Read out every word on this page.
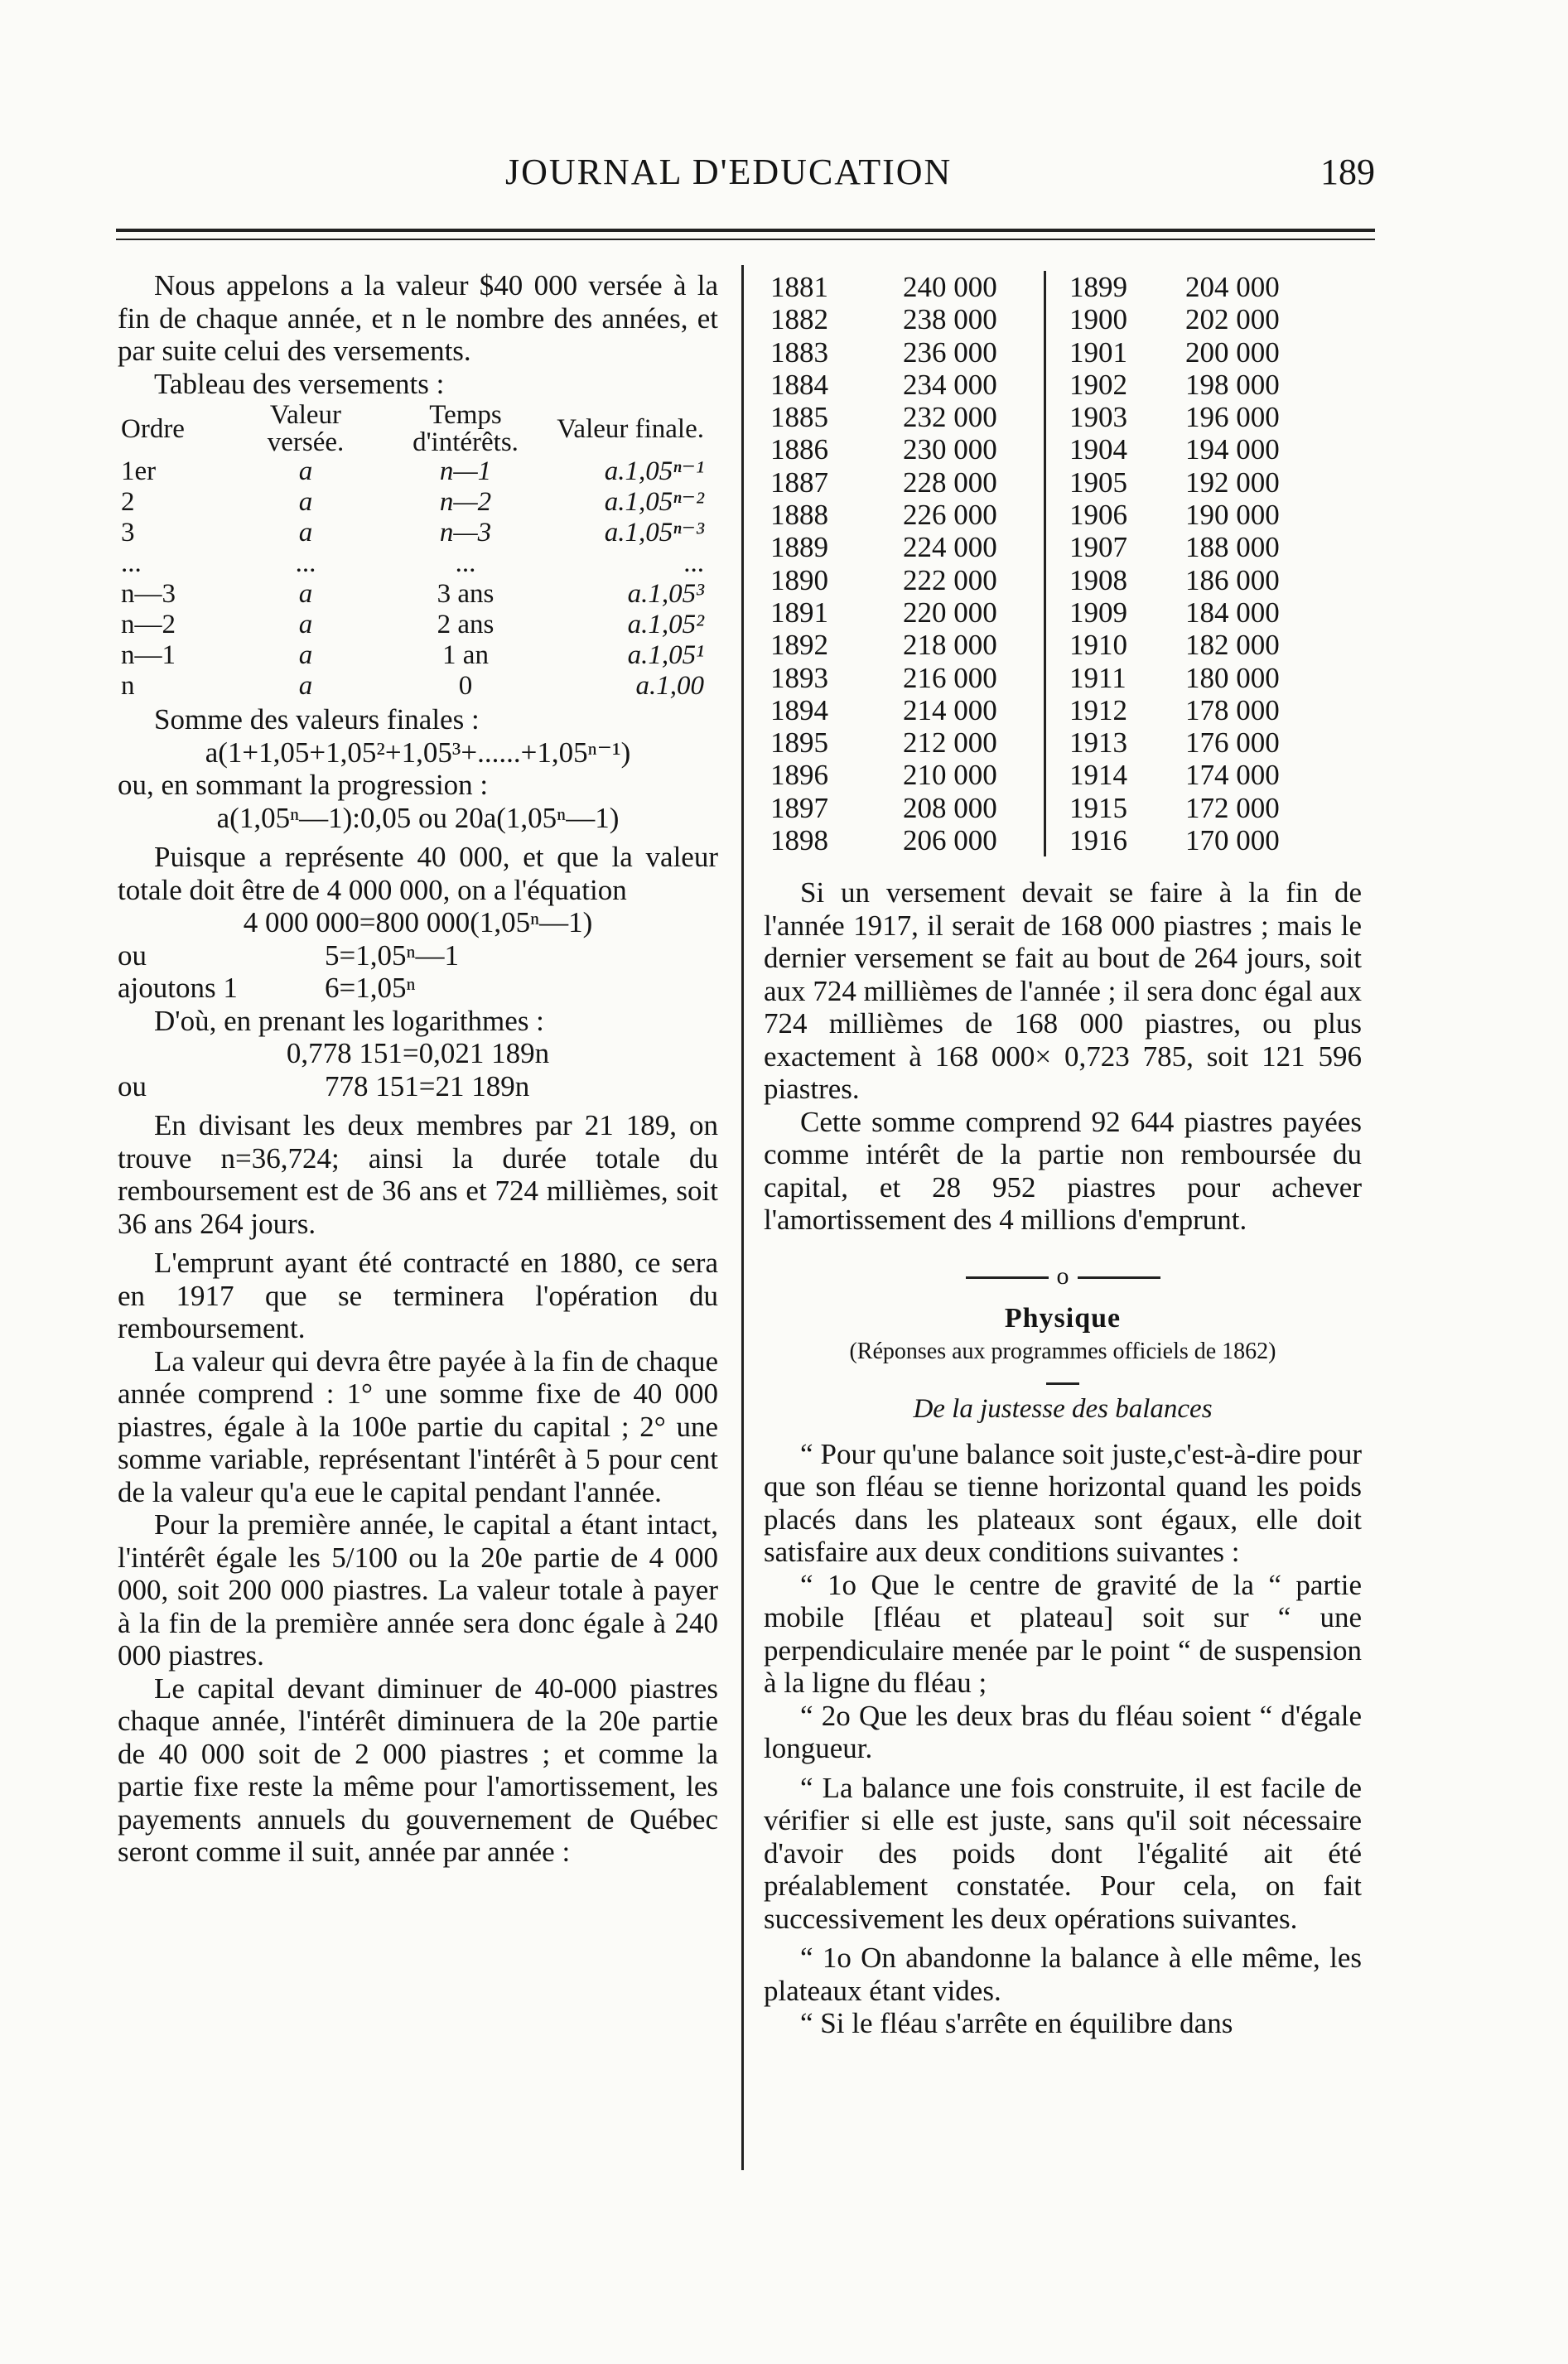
JOURNAL D'EDUCATION	189

Nous appelons a la valeur $40 000 versée à la fin de chaque année, et n le nombre des années, et par suite celui des versements.

Tableau des versements :

Ordre	Valeur versée.	Temps d'intérêts.	Valeur finale.
1er	a	n—1	a.1,05ⁿ⁻¹
2	a	n—2	a.1,05ⁿ⁻²
3	a	n—3	a.1,05ⁿ⁻³
...	...	...	...
n—3	a	3 ans	a.1,05³
n—2	a	2 ans	a.1,05²
n—1	a	1 an	a.1,05¹
n	a	0	a.1,00

Somme des valeurs finales :

a(1+1,05+1,05²+1,05³+......+1,05ⁿ⁻¹)

ou, en sommant la progression :

a(1,05ⁿ—1):0,05 ou 20a(1,05ⁿ—1)

Puisque a représente 40 000, et que la valeur totale doit être de 4 000 000, on a l'équation

4 000 000=800 000(1,05ⁿ—1)

ou	5=1,05ⁿ—1
ajoutons 1	6=1,05ⁿ

D'où, en prenant les logarithmes :

0,778 151=0,021 189n

ou	778 151=21 189n

En divisant les deux membres par 21 189, on trouve n=36,724; ainsi la durée totale du remboursement est de 36 ans et 724 millièmes, soit 36 ans 264 jours.

L'emprunt ayant été contracté en 1880, ce sera en 1917 que se terminera l'opération du remboursement.

La valeur qui devra être payée à la fin de chaque année comprend : 1° une somme fixe de 40 000 piastres, égale à la 100e partie du capital ; 2° une somme variable, représentant l'intérêt à 5 pour cent de la valeur qu'a eue le capital pendant l'année.

Pour la première année, le capital a étant intact, l'intérêt égale les 5/100 ou la 20e partie de 4 000 000, soit 200 000 piastres. La valeur totale à payer à la fin de la première année sera donc égale à 240 000 piastres.

Le capital devant diminuer de 40-000 piastres chaque année, l'intérêt diminuera de la 20e partie de 40 000 soit de 2 000 piastres ; et comme la partie fixe reste la même pour l'amortissement, les payements annuels du gouvernement de Québec seront comme il suit, année par année :

1881	240 000	1899	204 000
1882	238 000	1900	202 000
1883	236 000	1901	200 000
1884	234 000	1902	198 000
1885	232 000	1903	196 000
1886	230 000	1904	194 000
1887	228 000	1905	192 000
1888	226 000	1906	190 000
1889	224 000	1907	188 000
1890	222 000	1908	186 000
1891	220 000	1909	184 000
1892	218 000	1910	182 000
1893	216 000	1911	180 000
1894	214 000	1912	178 000
1895	212 000	1913	176 000
1896	210 000	1914	174 000
1897	208 000	1915	172 000
1898	206 000	1916	170 000

Si un versement devait se faire à la fin de l'année 1917, il serait de 168 000 piastres ; mais le dernier versement se fait au bout de 264 jours, soit aux 724 millièmes de l'année ; il sera donc égal aux 724 millièmes de 168 000 piastres, ou plus exactement à 168 000× 0,723 785, soit 121 596 piastres.

Cette somme comprend 92 644 piastres payées comme intérêt de la partie non remboursée du capital, et 28 952 piastres pour achever l'amortissement des 4 millions d'emprunt.

o
Physique
(Réponses aux programmes officiels de 1862)
De la justesse des balances

“ Pour qu'une balance soit juste,c'est-à-dire pour que son fléau se tienne horizontal quand les poids placés dans les plateaux sont égaux, elle doit satisfaire aux deux conditions suivantes :

“ 1o Que le centre de gravité de la “ partie mobile [fléau et plateau] soit sur “ une perpendiculaire menée par le point “ de suspension à la ligne du fléau ;

“ 2o Que les deux bras du fléau soient “ d'égale longueur.

“ La balance une fois construite, il est facile de vérifier si elle est juste, sans qu'il soit nécessaire d'avoir des poids dont l'égalité ait été préalablement constatée. Pour cela, on fait successivement les deux opérations suivantes.

“ 1o On abandonne la balance à elle même, les plateaux étant vides.

“ Si le fléau s'arrête en équilibre dans
